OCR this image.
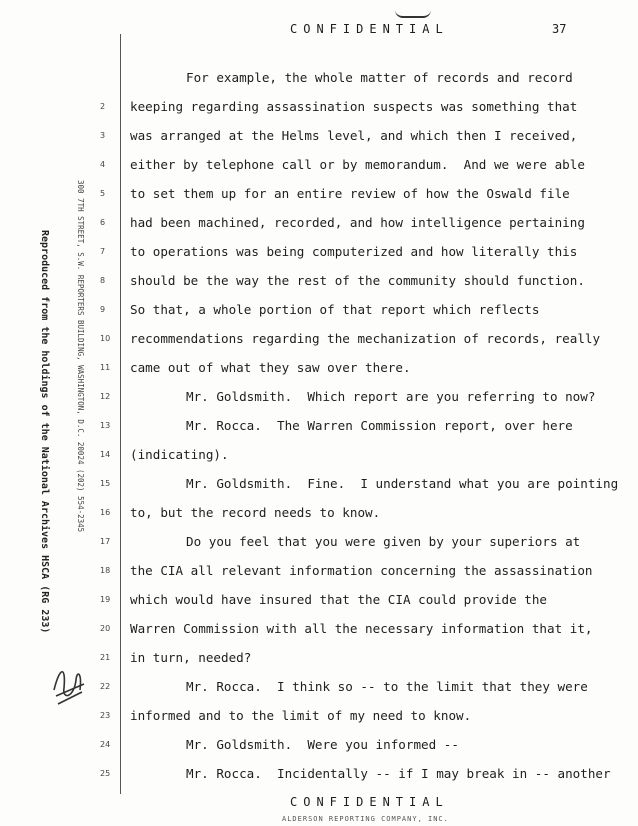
CONFIDENTIAL	37
2
3
4
5
6
7
8
9
10
11
12
13
14
15
16
17
18
19
20
21
22
23
24
25
For example, the whole matter of records and record
keeping regarding assassination suspects was something that
was arranged at the Helms level, and which then I received,
either by telephone call or by memorandum.  And we were able
to set them up for an entire review of how the Oswald file
had been machined, recorded, and how intelligence pertaining
to operations was being computerized and how literally this
should be the way the rest of the community should function.
So that, a whole portion of that report which reflects
recommendations regarding the mechanization of records, really
came out of what they saw over there.
Mr. Goldsmith.  Which report are you referring to now?
Mr. Rocca.  The Warren Commission report, over here
(indicating).
Mr. Goldsmith.  Fine.  I understand what you are pointing
to, but the record needs to know.
Do you feel that you were given by your superiors at
the CIA all relevant information concerning the assassination
which would have insured that the CIA could provide the
Warren Commission with all the necessary information that it,
in turn, needed?
Mr. Rocca.  I think so -- to the limit that they were
informed and to the limit of my need to know.
Mr. Goldsmith.  Were you informed --
Mr. Rocca.  Incidentally -- if I may break in -- another
Reproduced from the holdings of the National Archives HSCA (RG 233)	300 7TH STREET, S.W. REPORTERS BUILDING, WASHINGTON, D.C. 20024 (202) 554-2345
CONFIDENTIAL
ALDERSON REPORTING COMPANY, INC.
